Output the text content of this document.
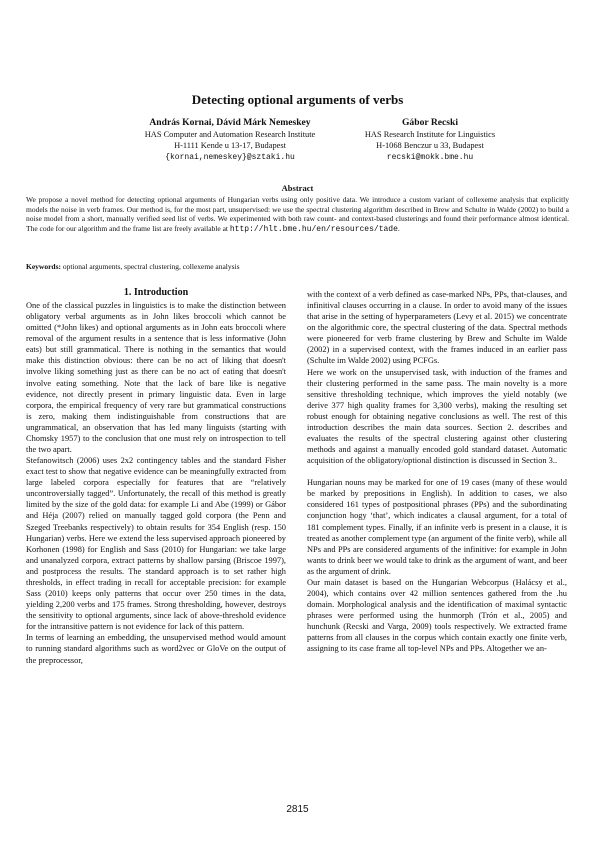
Detecting optional arguments of verbs
András Kornai, Dávid Márk Nemeskey
HAS Computer and Automation Research Institute
H-1111 Kende u 13-17, Budapest
{kornai,nemeskey}@sztaki.hu
Gábor Recski
HAS Research Institute for Linguistics
H-1068 Benczur u 33, Budapest
recski@mokk.bme.hu
Abstract
We propose a novel method for detecting optional arguments of Hungarian verbs using only positive data. We introduce a custom variant of collexeme analysis that explicitly models the noise in verb frames. Our method is, for the most part, unsupervised: we use the spectral clustering algorithm described in Brew and Schulte in Walde (2002) to build a noise model from a short, manually verified seed list of verbs. We experimented with both raw count- and context-based clusterings and found their performance almost identical. The code for our algorithm and the frame list are freely available at http://hlt.bme.hu/en/resources/tade.
Keywords: optional arguments, spectral clustering, collexeme analysis
1. Introduction

One of the classical puzzles in linguistics is to make the distinction between obligatory verbal arguments as in John likes broccoli which cannot be omitted (*John likes) and optional arguments as in John eats broccoli where removal of the argument results in a sentence that is less informative (John eats) but still grammatical. There is nothing in the semantics that would make this distinction obvious: there can be no act of liking that doesn't involve liking something just as there can be no act of eating that doesn't involve eating something. Note that the lack of bare like is negative evidence, not directly present in primary linguistic data. Even in large corpora, the empirical frequency of very rare but grammatical constructions is zero, making them indistinguishable from constructions that are ungrammatical, an observation that has led many linguists (starting with Chomsky 1957) to the conclusion that one must rely on introspection to tell the two apart.

Stefanowitsch (2006) uses 2x2 contingency tables and the standard Fisher exact test to show that negative evidence can be meaningfully extracted from large labeled corpora especially for features that are “relatively uncontroversially tagged”. Unfortunately, the recall of this method is greatly limited by the size of the gold data: for example Li and Abe (1999) or Gábor and Héja (2007) relied on manually tagged gold corpora (the Penn and Szeged Treebanks respectively) to obtain results for 354 English (resp. 150 Hungarian) verbs. Here we extend the less supervised approach pioneered by Korhonen (1998) for English and Sass (2010) for Hungarian: we take large and unanalyzed corpora, extract patterns by shallow parsing (Briscoe 1997), and postprocess the results. The standard approach is to set rather high thresholds, in effect trading in recall for acceptable precision: for example Sass (2010) keeps only patterns that occur over 250 times in the data, yielding 2,200 verbs and 175 frames. Strong thresholding, however, destroys the sensitivity to optional arguments, since lack of above-threshold evidence for the intransitive pattern is not evidence for lack of this pattern.

In terms of learning an embedding, the unsupervised method would amount to running standard algorithms such as word2vec or GloVe on the output of the preprocessor,

with the context of a verb defined as case-marked NPs, PPs, that-clauses, and infinitival clauses occurring in a clause. In order to avoid many of the issues that arise in the setting of hyperparameters (Levy et al. 2015) we concentrate on the algorithmic core, the spectral clustering of the data. Spectral methods were pioneered for verb frame clustering by Brew and Schulte im Walde (2002) in a supervised context, with the frames induced in an earlier pass (Schulte im Walde 2002) using PCFGs.

Here we work on the unsupervised task, with induction of the frames and their clustering performed in the same pass. The main novelty is a more sensitive thresholding technique, which improves the yield notably (we derive 377 high quality frames for 3,300 verbs), making the resulting set robust enough for obtaining negative conclusions as well. The rest of this introduction describes the main data sources. Section 2. describes and evaluates the results of the spectral clustering against other clustering methods and against a manually encoded gold standard dataset. Automatic acquisition of the obligatory/optional distinction is discussed in Section 3..

Hungarian nouns may be marked for one of 19 cases (many of these would be marked by prepositions in English). In addition to cases, we also considered 161 types of postpositional phrases (PPs) and the subordinating conjunction hogy ‘that’, which indicates a clausal argument, for a total of 181 complement types. Finally, if an infinite verb is present in a clause, it is treated as another complement type (an argument of the finite verb), while all NPs and PPs are considered arguments of the infinitive: for example in John wants to drink beer we would take to drink as the argument of want, and beer as the argument of drink.

Our main dataset is based on the Hungarian Webcorpus (Halácsy et al., 2004), which contains over 42 million sentences gathered from the .hu domain. Morphological analysis and the identification of maximal syntactic phrases were performed using the hunmorph (Trón et al., 2005) and hunchunk (Recski and Varga, 2009) tools respectively. We extracted frame patterns from all clauses in the corpus which contain exactly one finite verb, assigning to its case frame all top-level NPs and PPs. Altogether we an-

2815
